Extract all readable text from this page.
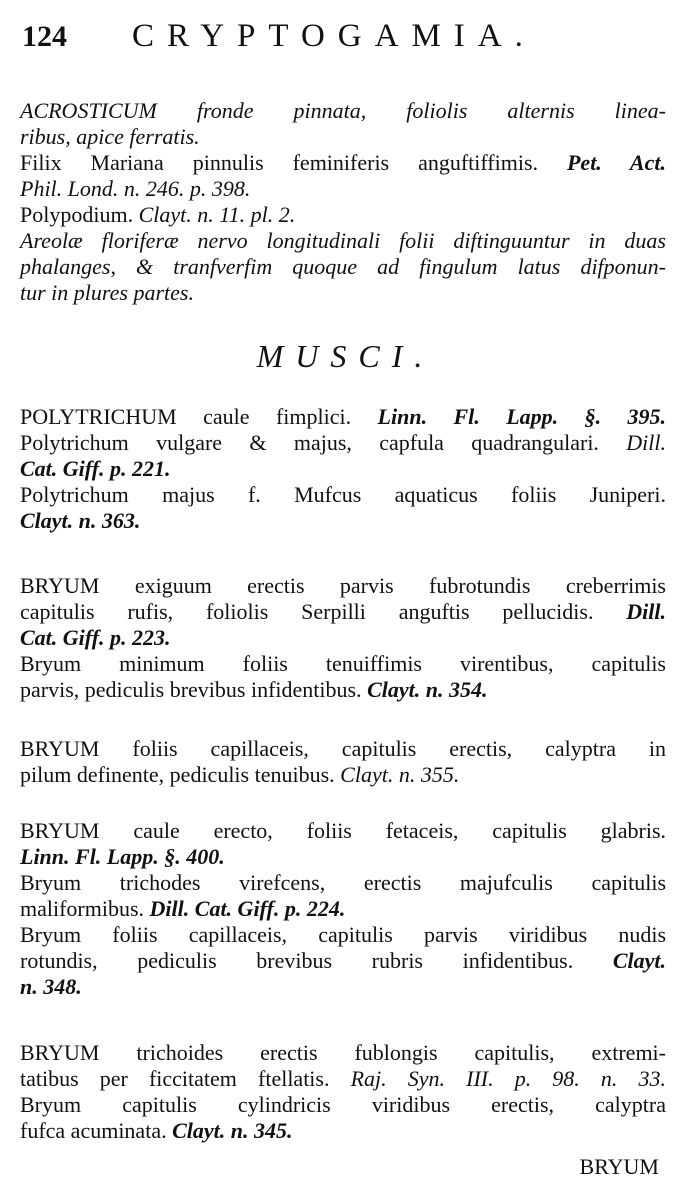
124	CRYPTOGAMIA.
ACROSTICUM fronde pinnata, foliolis alternis linea-
ribus, apice ferratis.
Filix Mariana pinnulis feminiferis anguftiffimis. Pet. Act.
Phil. Lond. n. 246. p. 398.
Polypodium. Clayt. n. 11. pl. 2.
Areolæ floriferæ nervo longitudinali folii diftinguuntur in duas
phalanges, & tranfverfim quoque ad fingulum latus difponun-
tur in plures partes.
MUSCI.
POLYTRICHUM caule fimplici. Linn. Fl. Lapp. §. 395.
Polytrichum vulgare & majus, capfula quadrangulari. Dill.
Cat. Giff. p. 221.
Polytrichum majus f. Mufcus aquaticus foliis Juniperi.
Clayt. n. 363.
BRYUM exiguum erectis parvis fubrotundis creberrimis
capitulis rufis, foliolis Serpilli anguftis pellucidis. Dill.
Cat. Giff. p. 223.
Bryum minimum foliis tenuiffimis virentibus, capitulis
parvis, pediculis brevibus infidentibus. Clayt. n. 354.
BRYUM foliis capillaceis, capitulis erectis, calyptra in
pilum definente, pediculis tenuibus. Clayt. n. 355.
BRYUM caule erecto, foliis fetaceis, capitulis glabris.
Linn. Fl. Lapp. §. 400.
Bryum trichodes virefcens, erectis majufculis capitulis
maliformibus. Dill. Cat. Giff. p. 224.
Bryum foliis capillaceis, capitulis parvis viridibus nudis
rotundis, pediculis brevibus rubris infidentibus. Clayt.
n. 348.
BRYUM trichoides erectis fublongis capitulis, extremi-
tatibus per ficcitatem ftellatis. Raj. Syn. III. p. 98. n. 33.
Bryum capitulis cylindricis viridibus erectis, calyptra
fufca acuminata. Clayt. n. 345.
BRYUM
